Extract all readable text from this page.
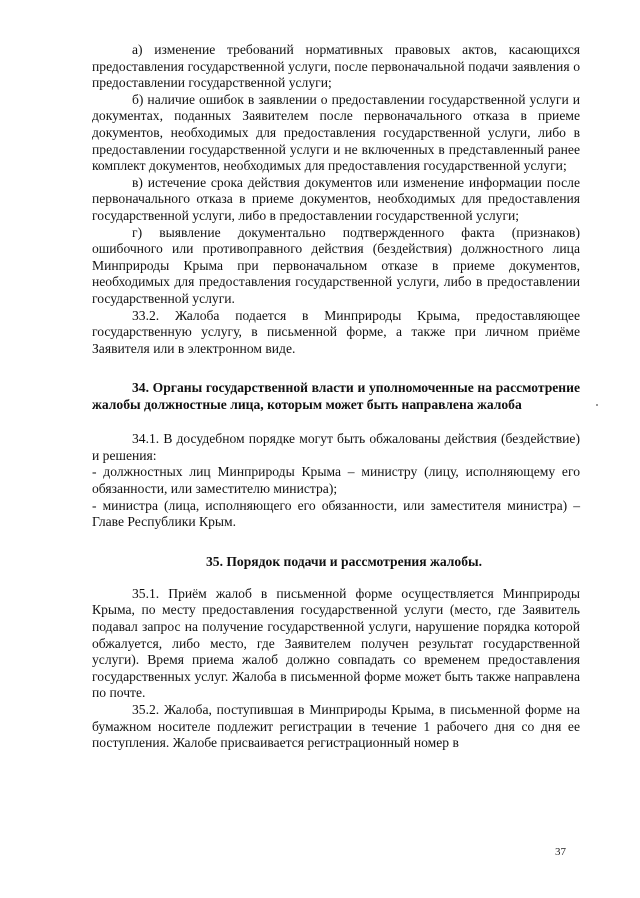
а) изменение требований нормативных правовых актов, касающихся предоставления государственной услуги, после первоначальной подачи заявления о предоставлении государственной услуги;

б) наличие ошибок в заявлении о предоставлении государственной услуги и документах, поданных Заявителем после первоначального отказа в приеме документов, необходимых для предоставления государственной услуги, либо в предоставлении государственной услуги и не включенных в представленный ранее комплект документов, необходимых для предоставления государственной услуги;

в) истечение срока действия документов или изменение информации после первоначального отказа в приеме документов, необходимых для предоставления государственной услуги, либо в предоставлении государственной услуги;

г) выявление документально подтвержденного факта (признаков) ошибочного или противоправного действия (бездействия) должностного лица Минприроды Крыма при первоначальном отказе в приеме документов, необходимых для предоставления государственной услуги, либо в предоставлении государственной услуги.

33.2. Жалоба подается в Минприроды Крыма, предоставляющее государственную услугу, в письменной форме, а также при личном приёме Заявителя или в электронном виде.

34. Органы государственной власти и уполномоченные на рассмотрение жалобы должностные лица, которым может быть направлена жалоба

34.1. В досудебном порядке могут быть обжалованы действия (бездействие) и решения:

- должностных лиц Минприроды Крыма – министру (лицу, исполняющему его обязанности, или заместителю министра);

- министра (лица, исполняющего его обязанности, или заместителя министра) – Главе Республики Крым.

35. Порядок подачи и рассмотрения жалобы.

35.1. Приём жалоб в письменной форме осуществляется Минприроды Крыма, по месту предоставления государственной услуги (место, где Заявитель подавал запрос на получение государственной услуги, нарушение порядка которой обжалуется, либо место, где Заявителем получен результат государственной услуги). Время приема жалоб должно совпадать со временем предоставления государственных услуг. Жалоба в письменной форме может быть также направлена по почте.

35.2. Жалоба, поступившая в Минприроды Крыма, в письменной форме на бумажном носителе подлежит регистрации в течение 1 рабочего дня со дня ее поступления. Жалобе присваивается регистрационный номер в

37
